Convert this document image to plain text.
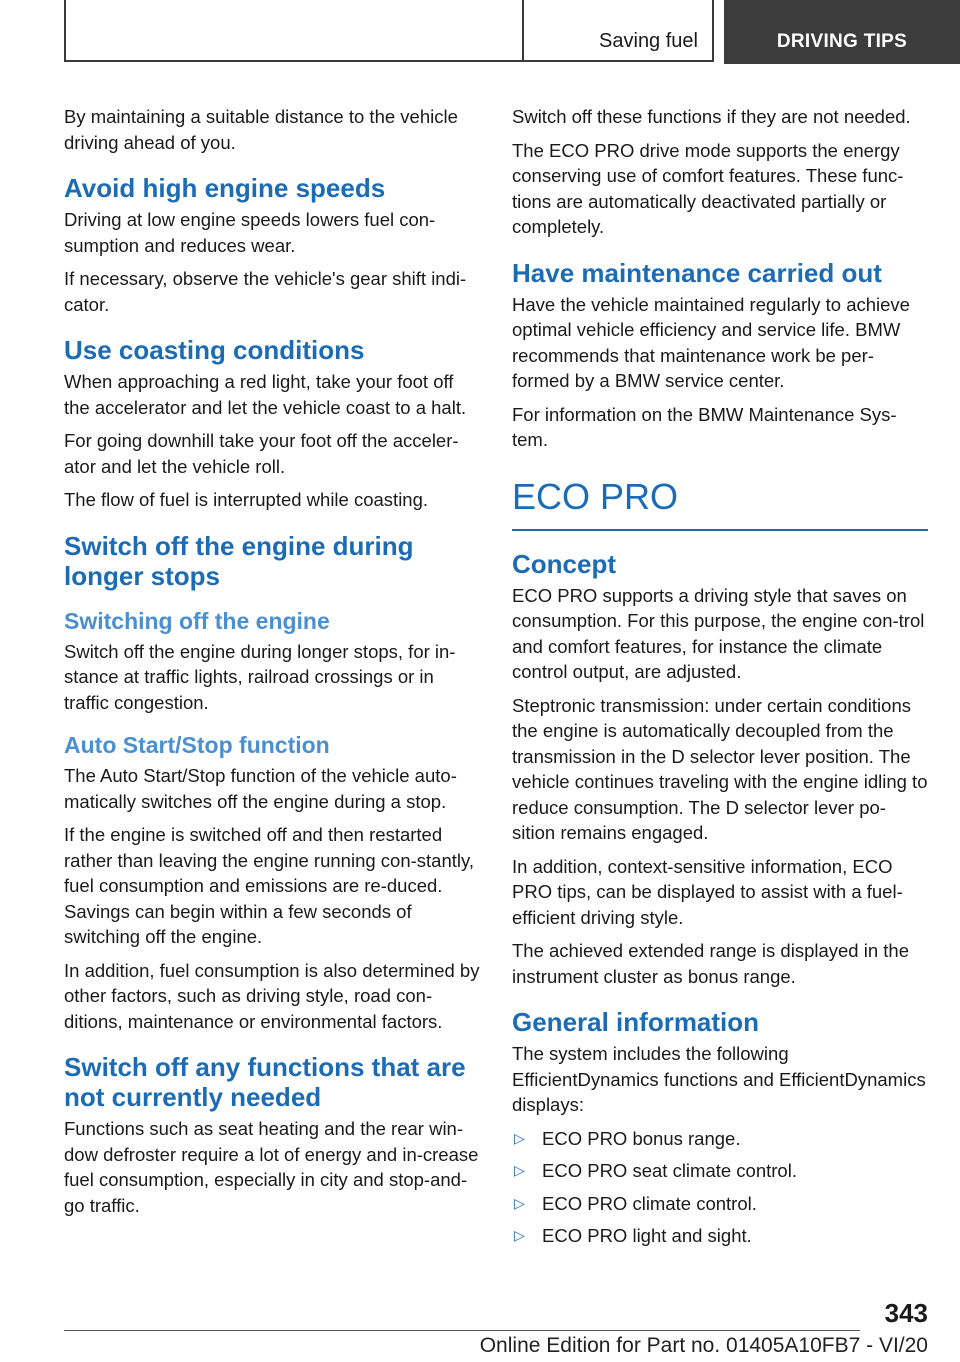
Saving fuel	DRIVING TIPS

By maintaining a suitable distance to the vehicle driving ahead of you.

Avoid high engine speeds

Driving at low engine speeds lowers fuel con-sumption and reduces wear.

If necessary, observe the vehicle's gear shift indi-cator.

Use coasting conditions

When approaching a red light, take your foot off the accelerator and let the vehicle coast to a halt.

For going downhill take your foot off the acceler-ator and let the vehicle roll.

The flow of fuel is interrupted while coasting.

Switch off the engine during longer stops
Switching off the engine

Switch off the engine during longer stops, for in-stance at traffic lights, railroad crossings or in traffic congestion.

Auto Start/Stop function

The Auto Start/Stop function of the vehicle auto-matically switches off the engine during a stop.

If the engine is switched off and then restarted rather than leaving the engine running con-stantly, fuel consumption and emissions are re-duced. Savings can begin within a few seconds of switching off the engine.

In addition, fuel consumption is also determined by other factors, such as driving style, road con-ditions, maintenance or environmental factors.

Switch off any functions that are not currently needed

Functions such as seat heating and the rear win-dow defroster require a lot of energy and in-crease fuel consumption, especially in city and stop-and-go traffic.

Switch off these functions if they are not needed.

The ECO PRO drive mode supports the energy conserving use of comfort features. These func-tions are automatically deactivated partially or completely.

Have maintenance carried out

Have the vehicle maintained regularly to achieve optimal vehicle efficiency and service life. BMW recommends that maintenance work be per-formed by a BMW service center.

For information on the BMW Maintenance Sys-tem.

ECO PRO
Concept

ECO PRO supports a driving style that saves on consumption. For this purpose, the engine con-trol and comfort features, for instance the climate control output, are adjusted.

Steptronic transmission: under certain conditions the engine is automatically decoupled from the transmission in the D selector lever position. The vehicle continues traveling with the engine idling to reduce consumption. The D selector lever po-sition remains engaged.

In addition, context-sensitive information, ECO PRO tips, can be displayed to assist with a fuel-efficient driving style.

The achieved extended range is displayed in the instrument cluster as bonus range.

General information

The system includes the following EfficientDynamics functions and EfficientDynamics displays:

▷ ECO PRO bonus range.
▷ ECO PRO seat climate control.
▷ ECO PRO climate control.
▷ ECO PRO light and sight.
343
Online Edition for Part no. 01405A10FB7 - VI/20
